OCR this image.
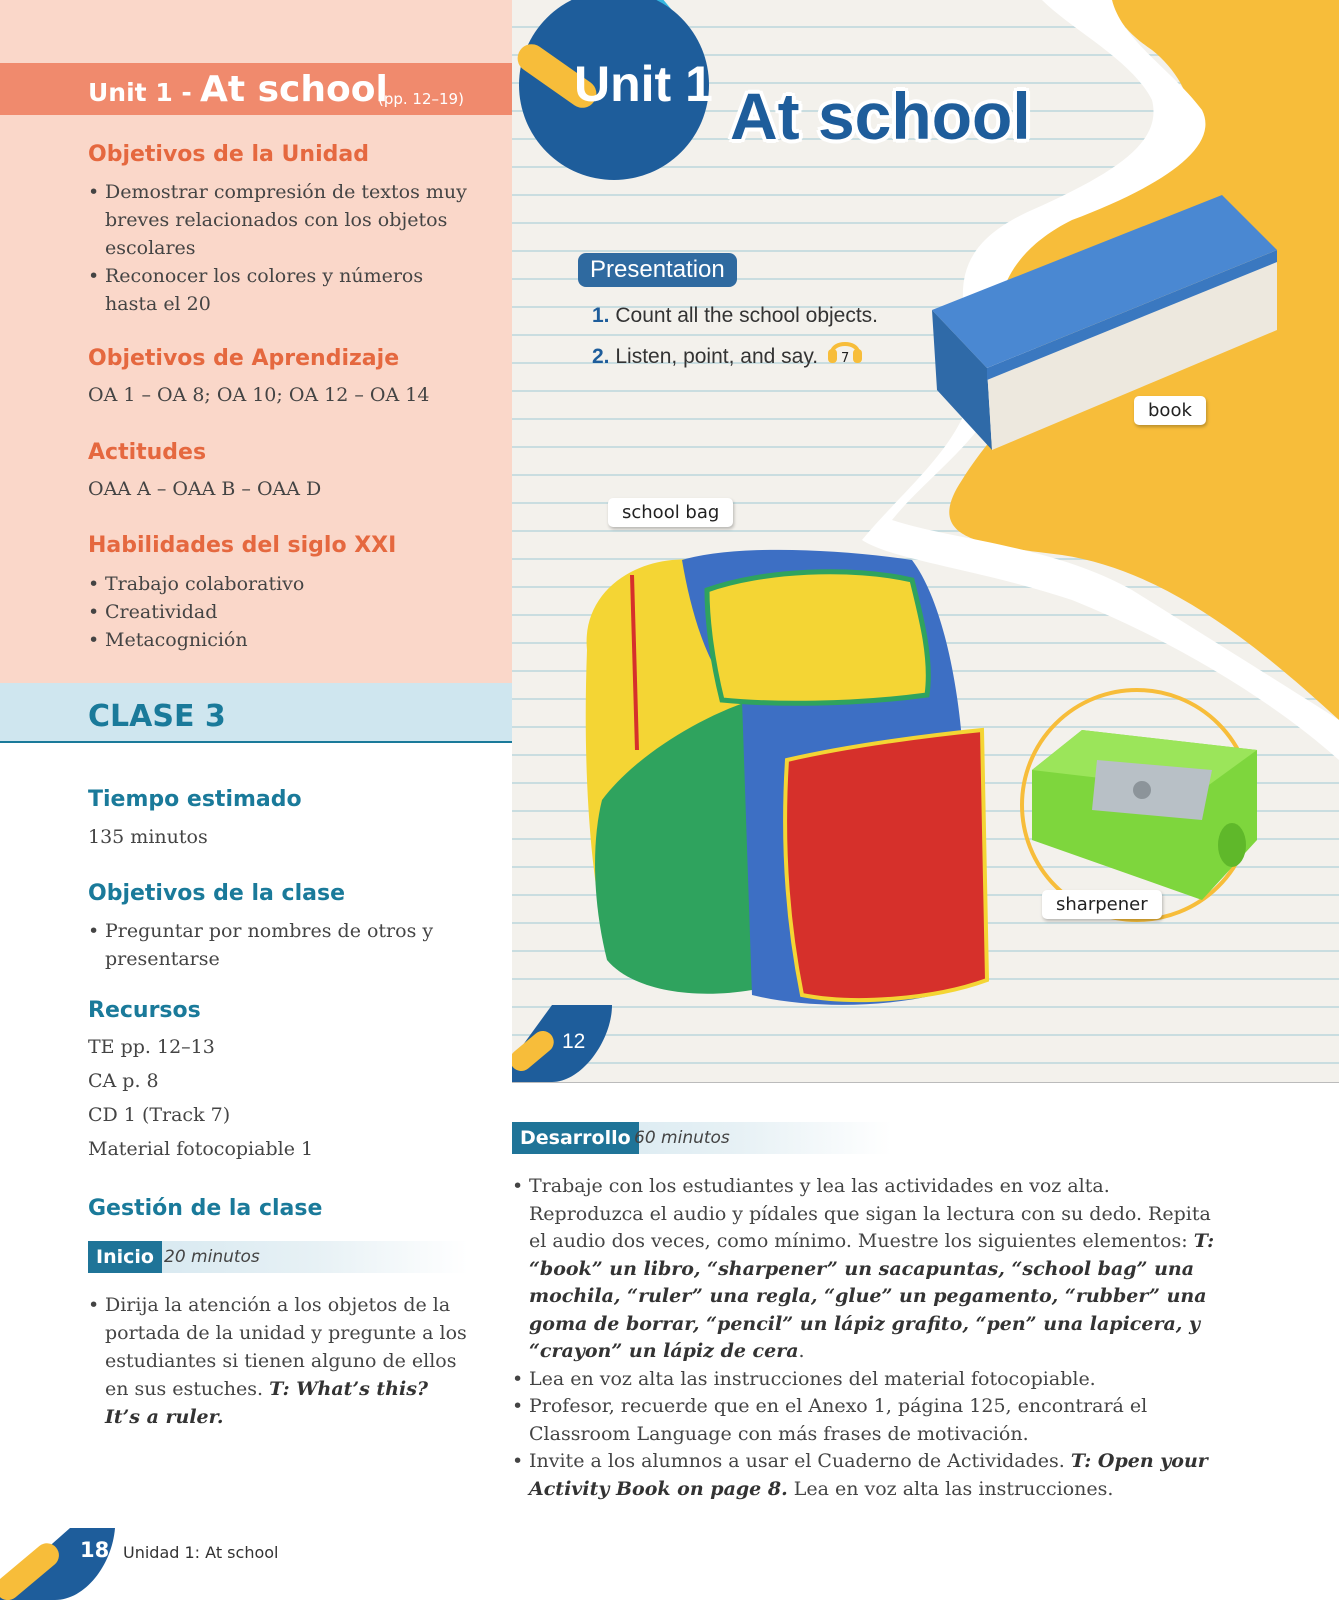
Unit 1 - At school
(pp. 12–19)
Objetivos de la Unidad
• Demostrar compresión de textos muy breves relacionados con los objetos escolares
• Reconocer los colores y números hasta el 20
Objetivos de Aprendizaje
OA 1 – OA 8; OA 10; OA 12 – OA 14
Actitudes
OAA A – OAA B – OAA D
Habilidades del siglo XXI
• Trabajo colaborativo
• Creatividad
• Metacognición
CLASE 3
Tiempo estimado
135 minutos
Objetivos de la clase
• Preguntar por nombres de otros y presentarse
Recursos
TE pp. 12–13
CA p. 8
CD 1 (Track 7)
Material fotocopiable 1
Gestión de la clase
Inicio 20 minutos
• Dirija la atención a los objetos de la portada de la unidad y pregunte a los estudiantes si tienen alguno de ellos en sus estuches. T: What’s this? It’s a ruler.
Unit 1 At school
Presentation
1. Count all the school objects.
2. Listen, point, and say. 7
book
school bag
sharpener
12
Desarrollo 60 minutos
• Trabaje con los estudiantes y lea las actividades en voz alta. Reproduzca el audio y pídales que sigan la lectura con su dedo. Repita el audio dos veces, como mínimo. Muestre los siguientes elementos: T: “book” un libro, “sharpener” un sacapuntas, “school bag” una mochila, “ruler” una regla, “glue” un pegamento, “rubber” una goma de borrar, “pencil” un lápiz grafito, “pen” una lapicera, y “crayon” un lápiz de cera.
• Lea en voz alta las instrucciones del material fotocopiable.
• Profesor, recuerde que en el Anexo 1, página 125, encontrará el Classroom Language con más frases de motivación.
• Invite a los alumnos a usar el Cuaderno de Actividades. T: Open your Activity Book on page 8. Lea en voz alta las instrucciones.
18 Unidad 1: At school
